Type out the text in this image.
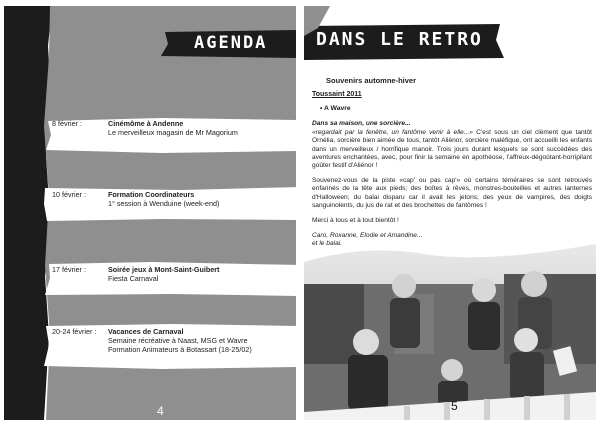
AGENDA
8 février :	Cinémôme à Andenne
Le merveilleux magasin de Mr Magorium
10 février :	Formation Coordinateurs
1° session à Wenduine (week-end)
17 février :	Soirée jeux à Mont-Saint-Guibert
Fiesta Carnaval
20-24 février :	Vacances de Carnaval
Semaine récréative à Naast, MSG et Wavre
Formation Animateurs à Botassart (18-25/02)
4
DANS LE RETRO
Souvenirs automne-hiver
Toussaint 2011
• A Wavre

Dans sa maison, une sorcière...

«regardait par la fenêtre, un fantôme venir à elle...» C'est sous un ciel clément que tantôt Ornélia, sorcière bien aimée de tous, tantôt Aliénor, sorcière maléfique, ont accueilli les enfants dans un merveilleux / horrifique manoir. Trois jours durant lesquels se sont succédées des aventures enchantées, avec, pour finir la semaine en apothéose, l'affreux-dégoûtant-horripilant goûter festif d'Aliénor !

Souvenez-vous de la piste «cap' ou pas cap'» où certains téméraires se sont retrouvés enfarinés de la tête aux pieds; des boîtes à rêves, monstres-bouteilles et autres lanternes d'Halloween; du balai disparu car il avait les jetons; des yeux de vampires, des doigts sanguinolents, du jus de rat et des brochettes de fantômes !

Merci à tous et à tout bientôt !

Caro, Roxanne, Elodie et Amandine...
et le balai.
5
